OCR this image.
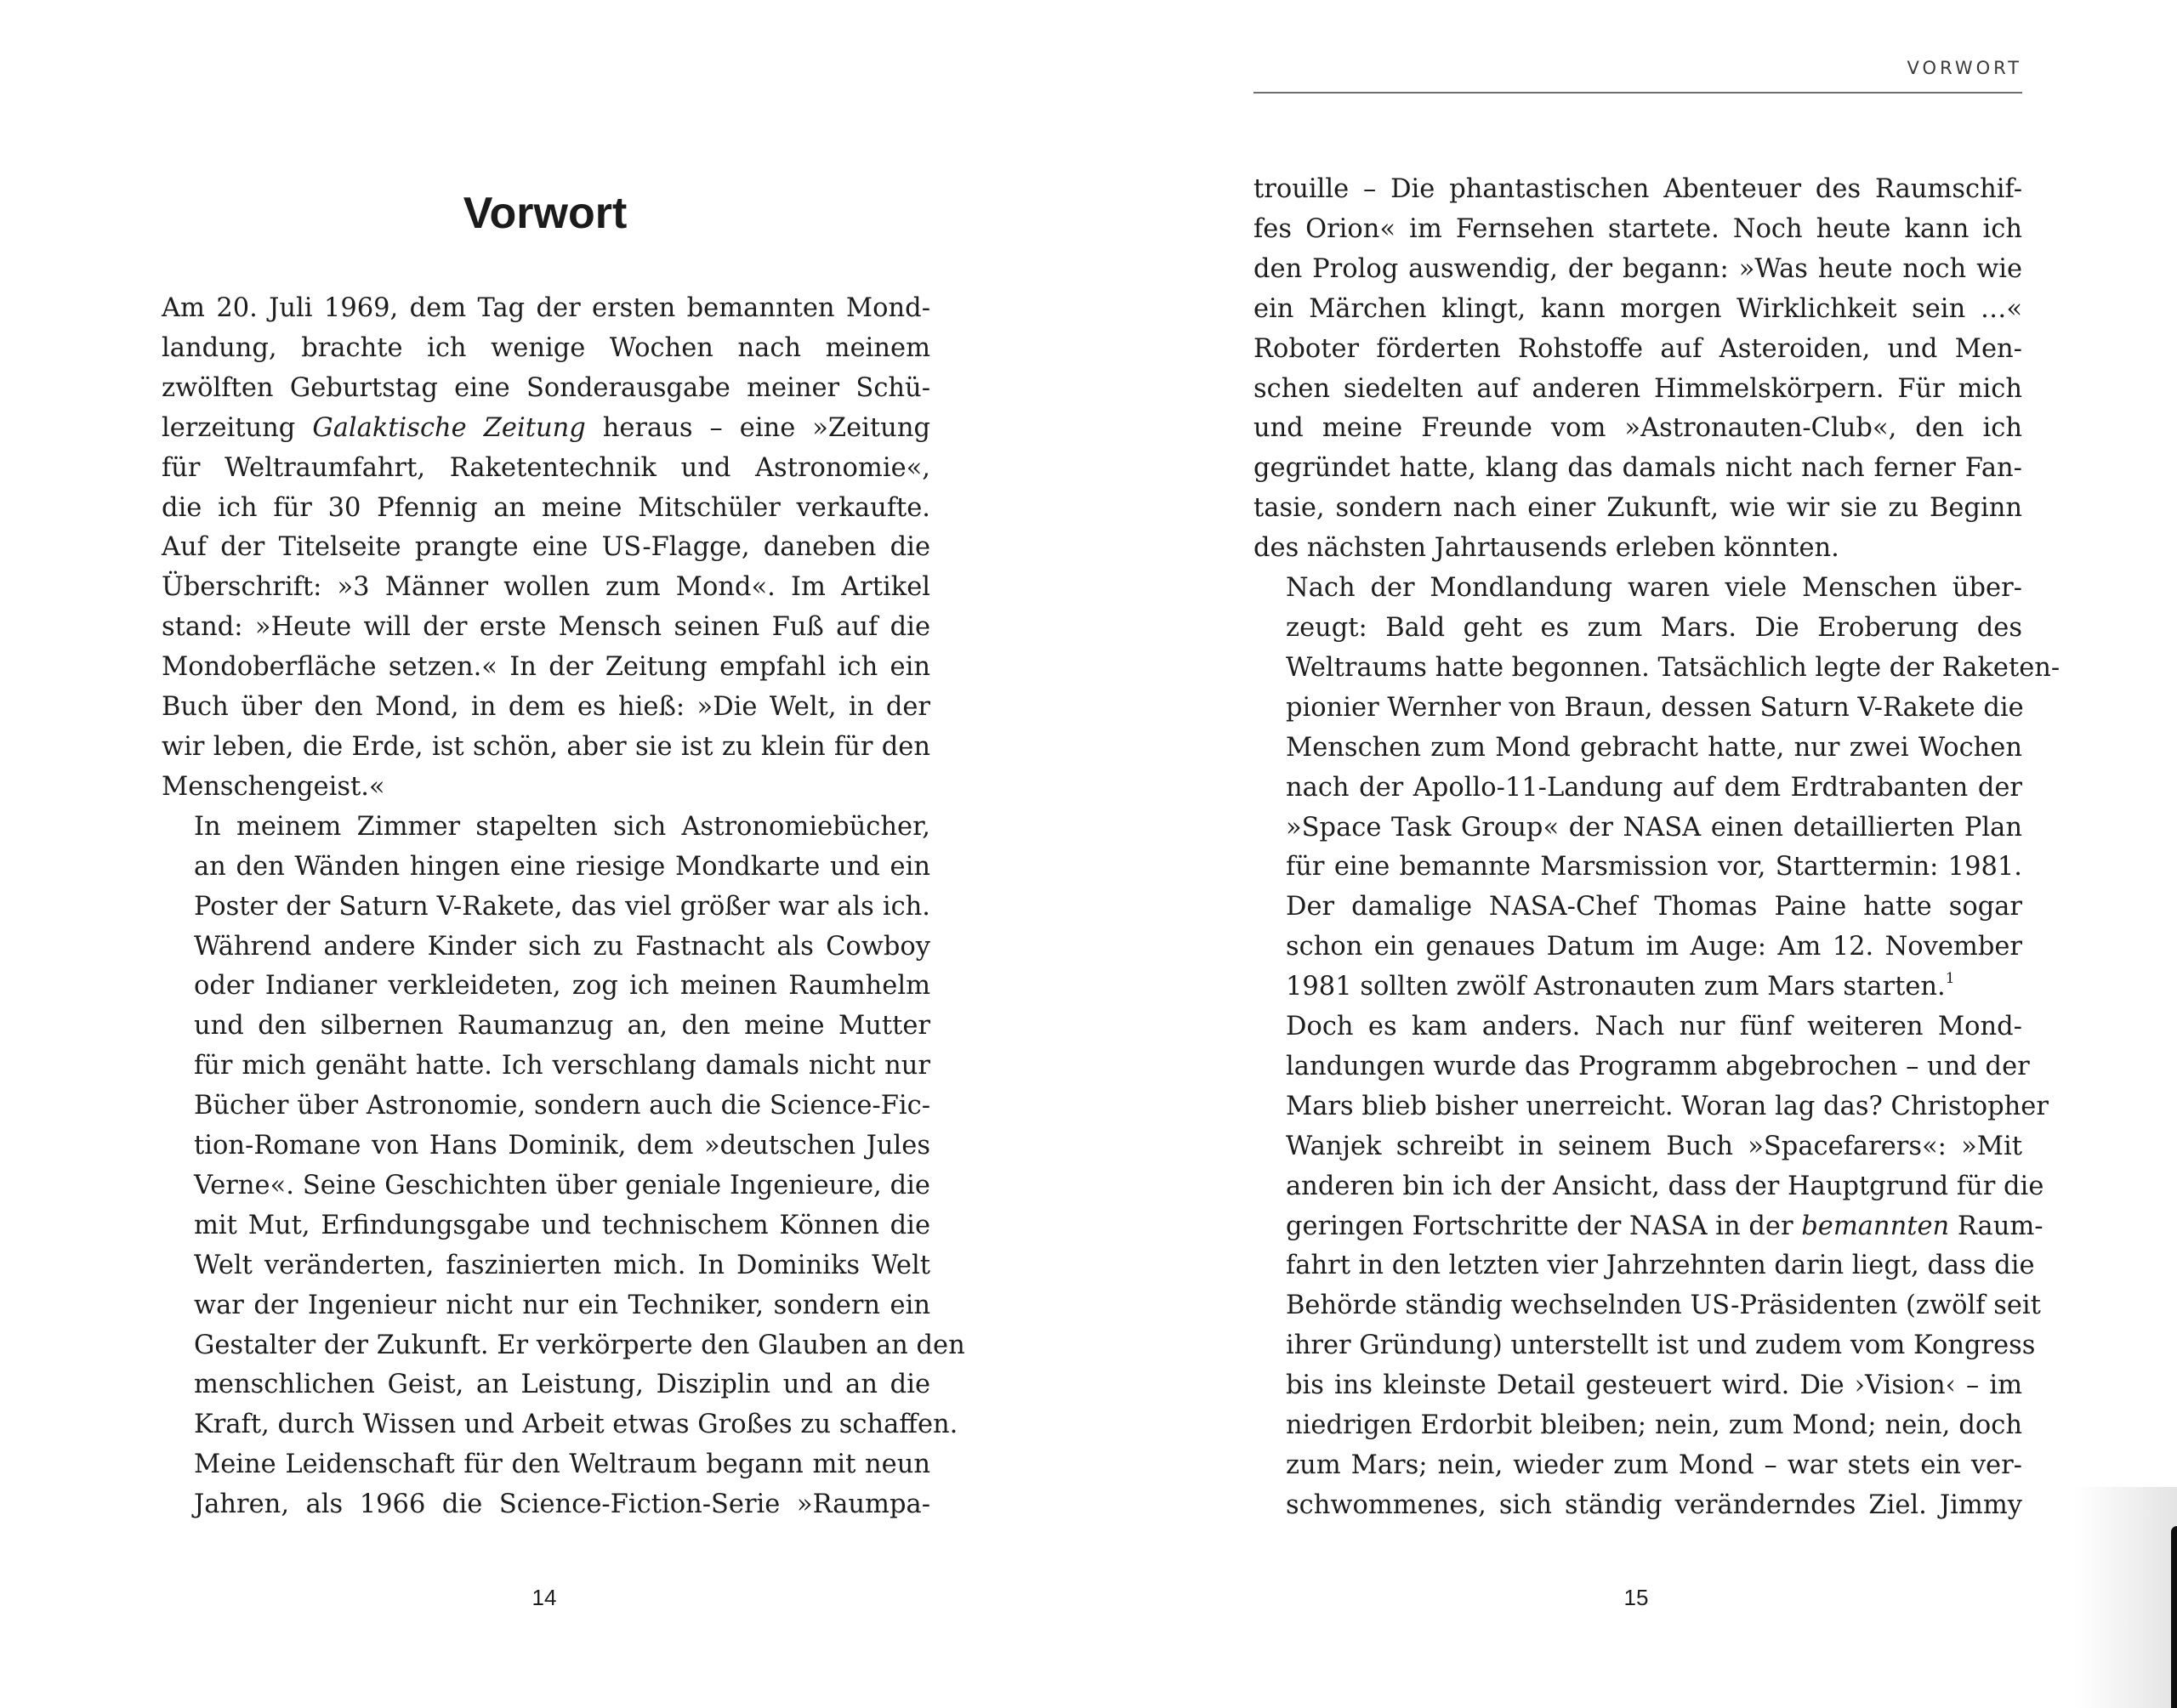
Vorwort

Am 20. Juli 1969, dem Tag der ersten bemannten Mond-
landung, brachte ich wenige Wochen nach meinem
zwölften Geburtstag eine Sonderausgabe meiner Schü-
lerzeitung Galaktische Zeitung heraus – eine »Zeitung
für Weltraumfahrt, Raketentechnik und Astronomie«,
die ich für 30 Pfennig an meine Mitschüler verkaufte.
Auf der Titelseite prangte eine US-Flagge, daneben die
Überschrift: »3 Männer wollen zum Mond«. Im Artikel
stand: »Heute will der erste Mensch seinen Fuß auf die
Mondoberfläche setzen.« In der Zeitung empfahl ich ein
Buch über den Mond, in dem es hieß: »Die Welt, in der
wir leben, die Erde, ist schön, aber sie ist zu klein für den
Menschengeist.«

In meinem Zimmer stapelten sich Astronomiebücher,
an den Wänden hingen eine riesige Mondkarte und ein
Poster der Saturn V-Rakete, das viel größer war als ich.
Während andere Kinder sich zu Fastnacht als Cowboy
oder Indianer verkleideten, zog ich meinen Raumhelm
und den silbernen Raumanzug an, den meine Mutter
für mich genäht hatte. Ich verschlang damals nicht nur
Bücher über Astronomie, sondern auch die Science-Fic-
tion-Romane von Hans Dominik, dem »deutschen Jules
Verne«. Seine Geschichten über geniale Ingenieure, die
mit Mut, Erfindungsgabe und technischem Können die
Welt veränderten, faszinierten mich. In Dominiks Welt
war der Ingenieur nicht nur ein Techniker, sondern ein
Gestalter der Zukunft. Er verkörperte den Glauben an den
menschlichen Geist, an Leistung, Disziplin und an die
Kraft, durch Wissen und Arbeit etwas Großes zu schaffen.

Meine Leidenschaft für den Weltraum begann mit neun
Jahren, als 1966 die Science-Fiction-Serie »Raumpa-

14
VORWORT

trouille – Die phantastischen Abenteuer des Raumschif-
fes Orion« im Fernsehen startete. Noch heute kann ich
den Prolog auswendig, der begann: »Was heute noch wie
ein Märchen klingt, kann morgen Wirklichkeit sein …«
Roboter förderten Rohstoffe auf Asteroiden, und Men-
schen siedelten auf anderen Himmelskörpern. Für mich
und meine Freunde vom »Astronauten-Club«, den ich
gegründet hatte, klang das damals nicht nach ferner Fan-
tasie, sondern nach einer Zukunft, wie wir sie zu Beginn
des nächsten Jahrtausends erleben könnten.

Nach der Mondlandung waren viele Menschen über-
zeugt: Bald geht es zum Mars. Die Eroberung des
Weltraums hatte begonnen. Tatsächlich legte der Raketen-
pionier Wernher von Braun, dessen Saturn V-Rakete die
Menschen zum Mond gebracht hatte, nur zwei Wochen
nach der Apollo-11-Landung auf dem Erdtrabanten der
»Space Task Group« der NASA einen detaillierten Plan
für eine bemannte Marsmission vor, Starttermin: 1981.
Der damalige NASA-Chef Thomas Paine hatte sogar
schon ein genaues Datum im Auge: Am 12. November
1981 sollten zwölf Astronauten zum Mars starten.$^1$

Doch es kam anders. Nach nur fünf weiteren Mond-
landungen wurde das Programm abgebrochen – und der
Mars blieb bisher unerreicht. Woran lag das? Christopher
Wanjek schreibt in seinem Buch »Spacefarers«: »Mit
anderen bin ich der Ansicht, dass der Hauptgrund für die
geringen Fortschritte der NASA in der bemannten Raum-
fahrt in den letzten vier Jahrzehnten darin liegt, dass die
Behörde ständig wechselnden US-Präsidenten (zwölf seit
ihrer Gründung) unterstellt ist und zudem vom Kongress
bis ins kleinste Detail gesteuert wird. Die ›Vision‹ – im
niedrigen Erdorbit bleiben; nein, zum Mond; nein, doch
zum Mars; nein, wieder zum Mond – war stets ein ver-
schwommenes, sich ständig veränderndes Ziel. Jimmy

15
